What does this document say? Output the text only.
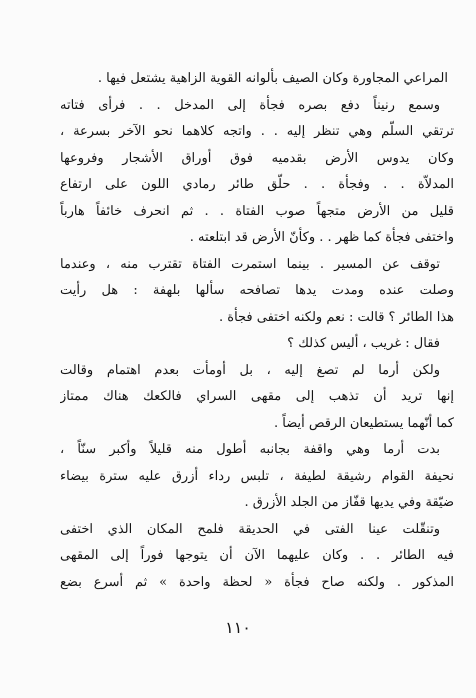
المراعي المجاورة وكان الصيف بألوانه القوية الزاهية يشتعل فيها .
وسمع رنيناً دفع بصره فجأة إلى المدخل . . فرأى فتاته
ترتقي السلّم وهي تنظر إليه . . واتجه كلاهما نحو الآخر بسرعة ،
وكان يدوس الأرض بقدميه فوق أوراق الأشجار وفروعها
المدلاّة . . وفجأة . . حلّق طائر رمادي اللون على ارتفاع
قليل من الأرض متجهاً صوب الفتاة . . ثم انحرف خائفاً هارباً
واختفى فجأة كما ظهر . . وكأنّ الأرض قد ابتلعته .
توقف عن المسير . بينما استمرت الفتاة تقترب منه ، وعندما
وصلت عنده ومدت يدها تصافحه سألها بلهفة : هل رأيت
هذا الطائر ؟ قالت : نعم ولكنه اختفى فجأة .
فقال : غريب ، أليس كذلك ؟
ولكن أرما لم تصغ إليه ، بل أومأت بعدم اهتمام وقالت
إنها تريد أن تذهب إلى مقهى السراي فالكعك هناك ممتاز
كما أنّهما يستطيعان الرقص أيضاً .
بدت أرما وهي واقفة بجانبه أطول منه قليلاً وأكبر سنّاً ،
نحيفة القوام رشيقة لطيفة ، تلبس رداء أزرق عليه سترة بيضاء
ضيّقة وفي يديها قفّاز من الجلد الأزرق .
وتنقّلت عينا الفتى في الحديقة فلمح المكان الذي اختفى
فيه الطائر . . وكان عليهما الآن أن يتوجها فوراً إلى المقهى
المذكور . ولكنه صاح فجأة « لحظة واحدة » ثم أسرع بضع
١١٠
